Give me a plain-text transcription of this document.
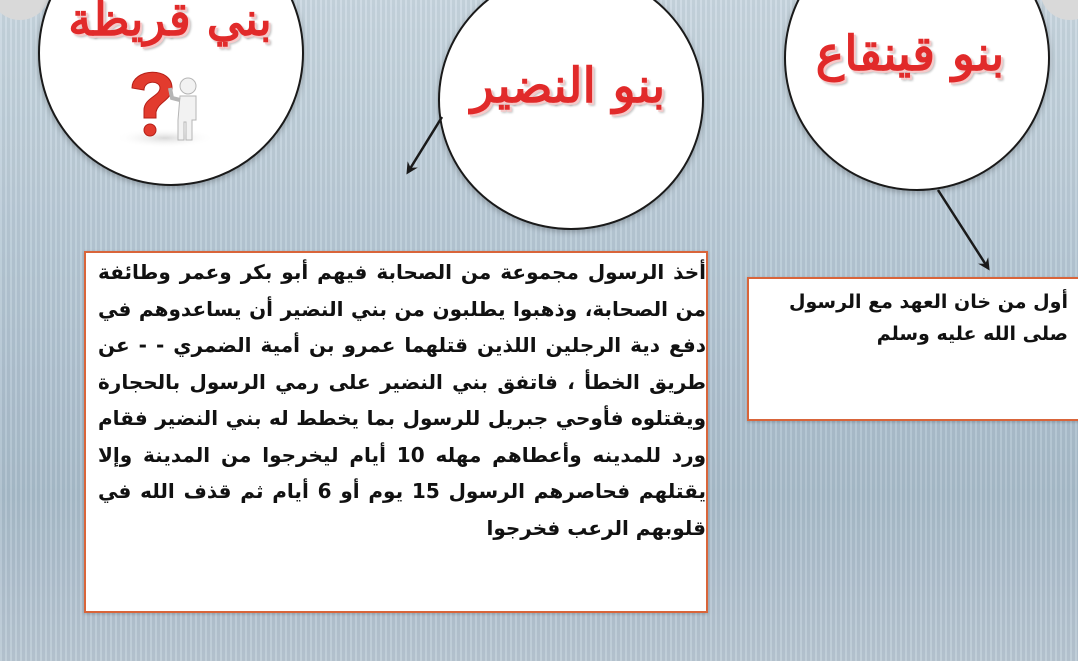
بني قريظة
بنو النضير
بنو قينقاع
أخذ الرسول مجموعة من الصحابة فيهم أبو بكر وعمر وطائفة من الصحابة، وذهبوا يطلبون من بني النضير أن يساعدوهم في دفع دية الرجلين اللذين قتلهما عمرو بن أمية الضمري - - عن طريق الخطأ ، فاتفق بني النضير على رمي الرسول بالحجارة ويقتلوه فأوحي جبريل للرسول بما يخطط له بني النضير فقام ورد للمدينه وأعطاهم مهله 10 أيام ليخرجوا من المدينة وإلا يقتلهم فحاصرهم الرسول 15 يوم أو 6 أيام ثم قذف الله في قلوبهم الرعب فخرجوا
أول من خان العهد مع الرسول صلى الله عليه وسلم
